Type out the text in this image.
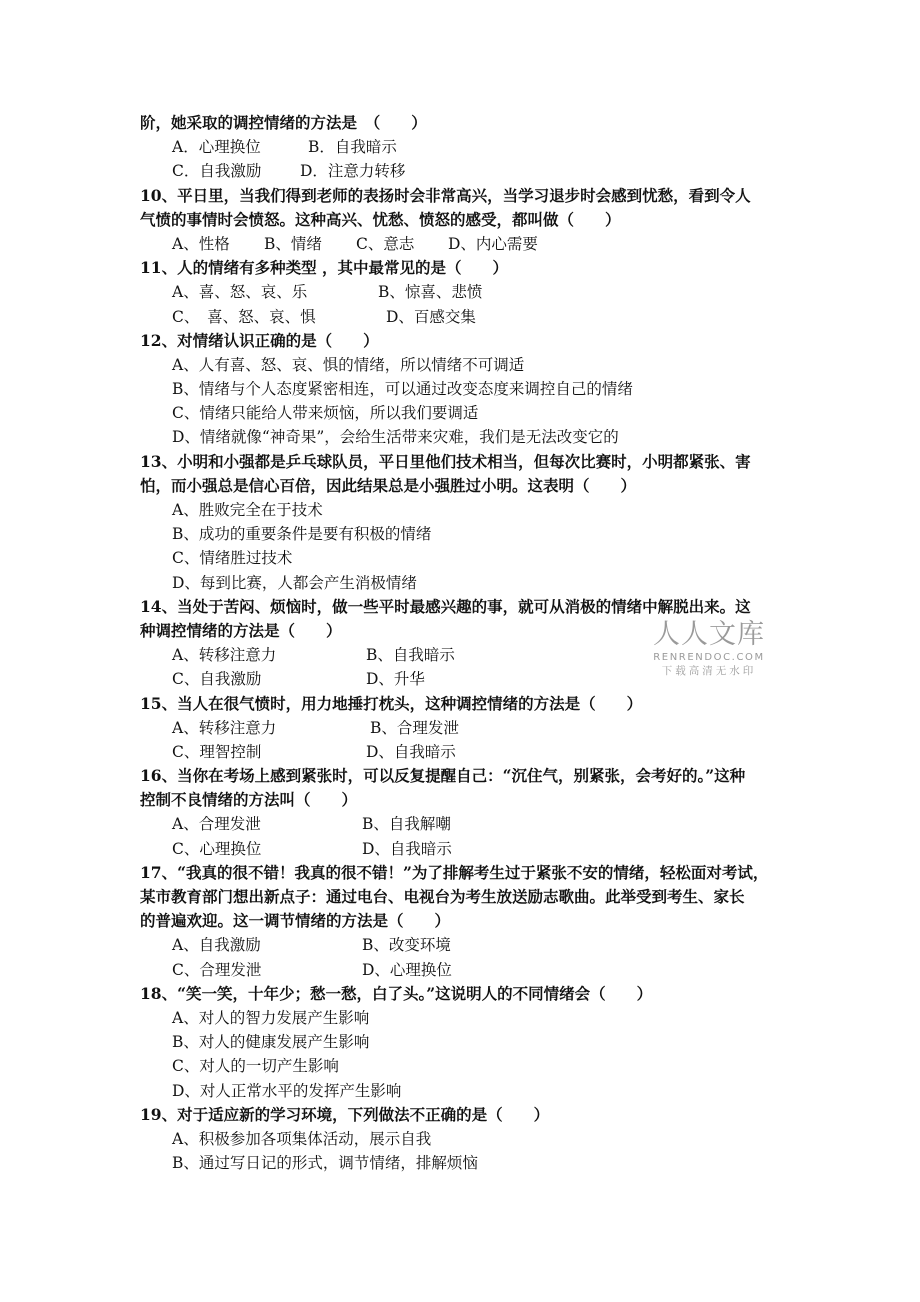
阶，她采取的调控情绪的方法是　（　　）
A．心理换位	B．自我暗示
C．自我激励 D．注意力转移
10、平日里，当我们得到老师的表扬时会非常高兴，当学习退步时会感到忧愁，看到令人
气愤的事情时会愤怒。这种高兴、忧愁、愤怒的感受，都叫做（　　）
A、性格 B、情绪 C、意志 D、内心需要
11、人的情绪有多种类型 ，其中最常见的是（　　）
A、喜、怒、哀、乐	B、惊喜、悲愤
C、　喜、怒、哀、惧	D、百感交集
12、对情绪认识正确的是（　　）
A、人有喜、怒、哀、惧的情绪，所以情绪不可调适
B、情绪与个人态度紧密相连，可以通过改变态度来调控自己的情绪
C、情绪只能给人带来烦恼，所以我们要调适
D、情绪就像“神奇果”，会给生活带来灾难，我们是无法改变它的
13、小明和小强都是乒乓球队员，平日里他们技术相当，但每次比赛时，小明都紧张、害
怕，而小强总是信心百倍，因此结果总是小强胜过小明。这表明（　　）
A、胜败完全在于技术
B、成功的重要条件是要有积极的情绪
C、情绪胜过技术
D、每到比赛，人都会产生消极情绪
14、当处于苦闷、烦恼时，做一些平时最感兴趣的事，就可从消极的情绪中解脱出来。这
种调控情绪的方法是（　　）
A、转移注意力	B、自我暗示
C、自我激励	D、升华
15、当人在很气愤时，用力地捶打枕头，这种调控情绪的方法是（　　）
A、转移注意力	B、合理发泄
C、理智控制	D、自我暗示
16、当你在考场上感到紧张时，可以反复提醒自己：“沉住气，别紧张，会考好的。”这种
控制不良情绪的方法叫（　　）
A、合理发泄	B、自我解嘲
C、心理换位	D、自我暗示
17、“我真的很不错！我真的很不错！”为了排解考生过于紧张不安的情绪，轻松面对考试，
某市教育部门想出新点子：通过电台、电视台为考生放送励志歌曲。此举受到考生、家长
的普遍欢迎。这一调节情绪的方法是（　　）
A、自我激励	B、改变环境
C、合理发泄	D、心理换位
18、“笑一笑，十年少；愁一愁，白了头。”这说明人的不同情绪会（　　）
A、对人的智力发展产生影响
B、对人的健康发展产生影响
C、对人的一切产生影响
D、对人正常水平的发挥产生影响
19、对于适应新的学习环境，下列做法不正确的是（　　）
A、积极参加各项集体活动，展示自我
B、通过写日记的形式，调节情绪，排解烦恼
人人文库
RENRENDOC.COM
下载高清无水印
